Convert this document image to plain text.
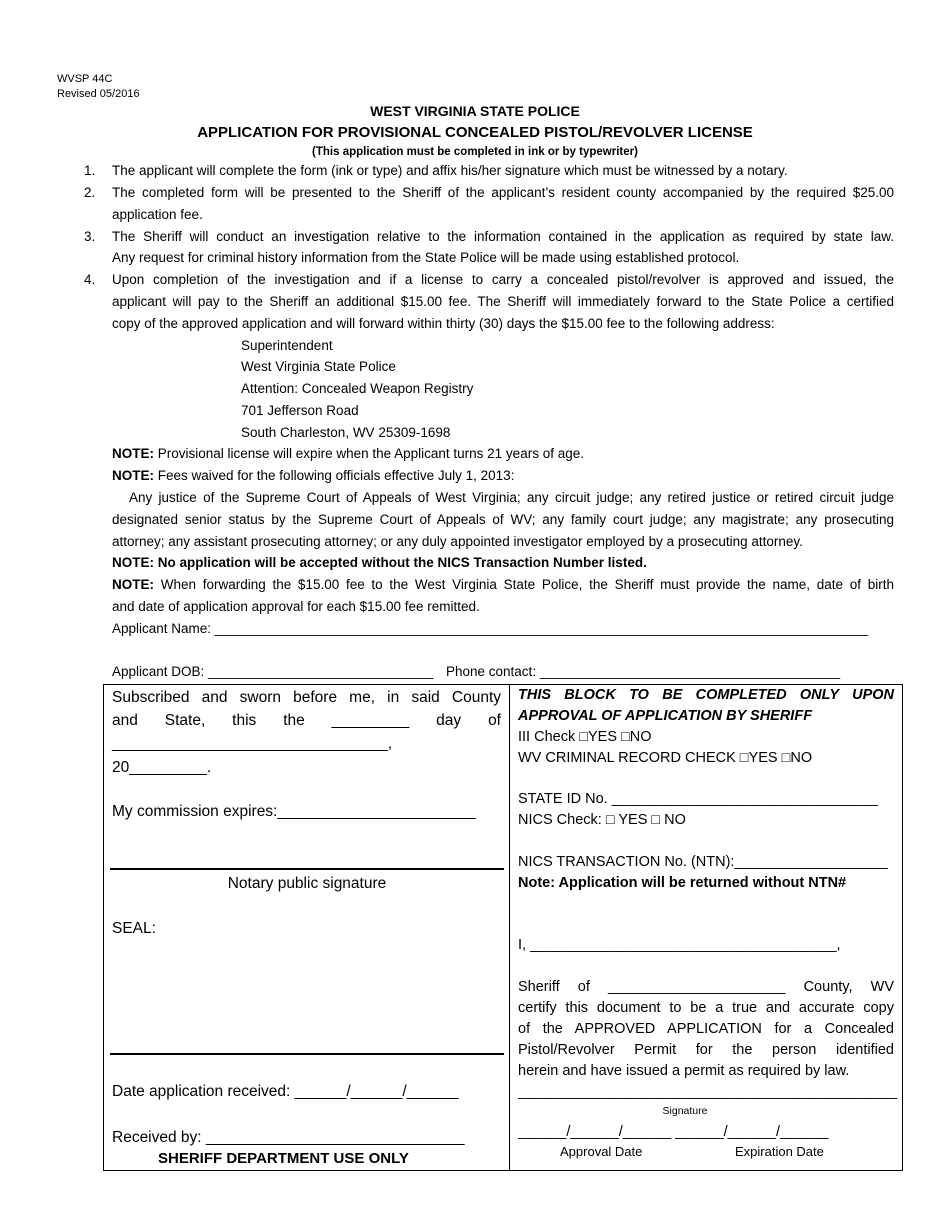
WVSP 44C
Revised 05/2016
WEST VIRGINIA STATE POLICE
APPLICATION FOR PROVISIONAL CONCEALED PISTOL/REVOLVER LICENSE
(This application must be completed in ink or by typewriter)
1. The applicant will complete the form (ink or type) and affix his/her signature which must be witnessed by a notary.
2. The completed form will be presented to the Sheriff of the applicant’s resident county accompanied by the required $25.00
application fee.
3. The Sheriff will conduct an investigation relative to the information contained in the application as required by state law.
Any request for criminal history information from the State Police will be made using established protocol.
4. Upon completion of the investigation and if a license to carry a concealed pistol/revolver is approved and issued, the
applicant will pay to the Sheriff an additional $15.00 fee. The Sheriff will immediately forward to the State Police a certified
copy of the approved application and will forward within thirty (30) days the $15.00 fee to the following address:
Superintendent
West Virginia State Police
Attention: Concealed Weapon Registry
701 Jefferson Road
South Charleston, WV 25309-1698
NOTE: Provisional license will expire when the Applicant turns 21 years of age.
NOTE: Fees waived for the following officials effective July 1, 2013:
Any justice of the Supreme Court of Appeals of West Virginia; any circuit judge; any retired justice or retired circuit judge
designated senior status by the Supreme Court of Appeals of WV; any family court judge; any magistrate; any prosecuting
attorney; any assistant prosecuting attorney; or any duly appointed investigator employed by a prosecuting attorney.
NOTE: No application will be accepted without the NICS Transaction Number listed.
NOTE: When forwarding the $15.00 fee to the West Virginia State Police, the Sheriff must provide the name, date of birth
and date of application approval for each $15.00 fee remitted.
Applicant Name: _______________________________________________________________________________________
Applicant DOB: ______________________________ Phone contact: ________________________________________
Subscribed and sworn before me, in said County
and State, this the _________ day of
________________________________,
20_________.
My commission expires:_______________________
Notary public signature
SEAL:
Date application received: ______/______/______
Received by: ______________________________
SHERIFF DEPARTMENT USE ONLY
THIS BLOCK TO BE COMPLETED ONLY UPON
APPROVAL OF APPLICATION BY SHERIFF
III Check □YES □NO
WV CRIMINAL RECORD CHECK □YES □NO
STATE ID No. _________________________________
NICS Check: □ YES □ NO
NICS TRANSACTION No. (NTN):___________________
Note: Application will be returned without NTN#
I, ______________________________________,
Sheriff of ______________________ County, WV
certify this document to be a true and accurate copy
of the APPROVED APPLICATION for a Concealed
Pistol/Revolver Permit for the person identified
herein and have issued a permit as required by law.
_______________________________________________
Signature
______/______/______ ______/______/______
Approval Date	Expiration Date
